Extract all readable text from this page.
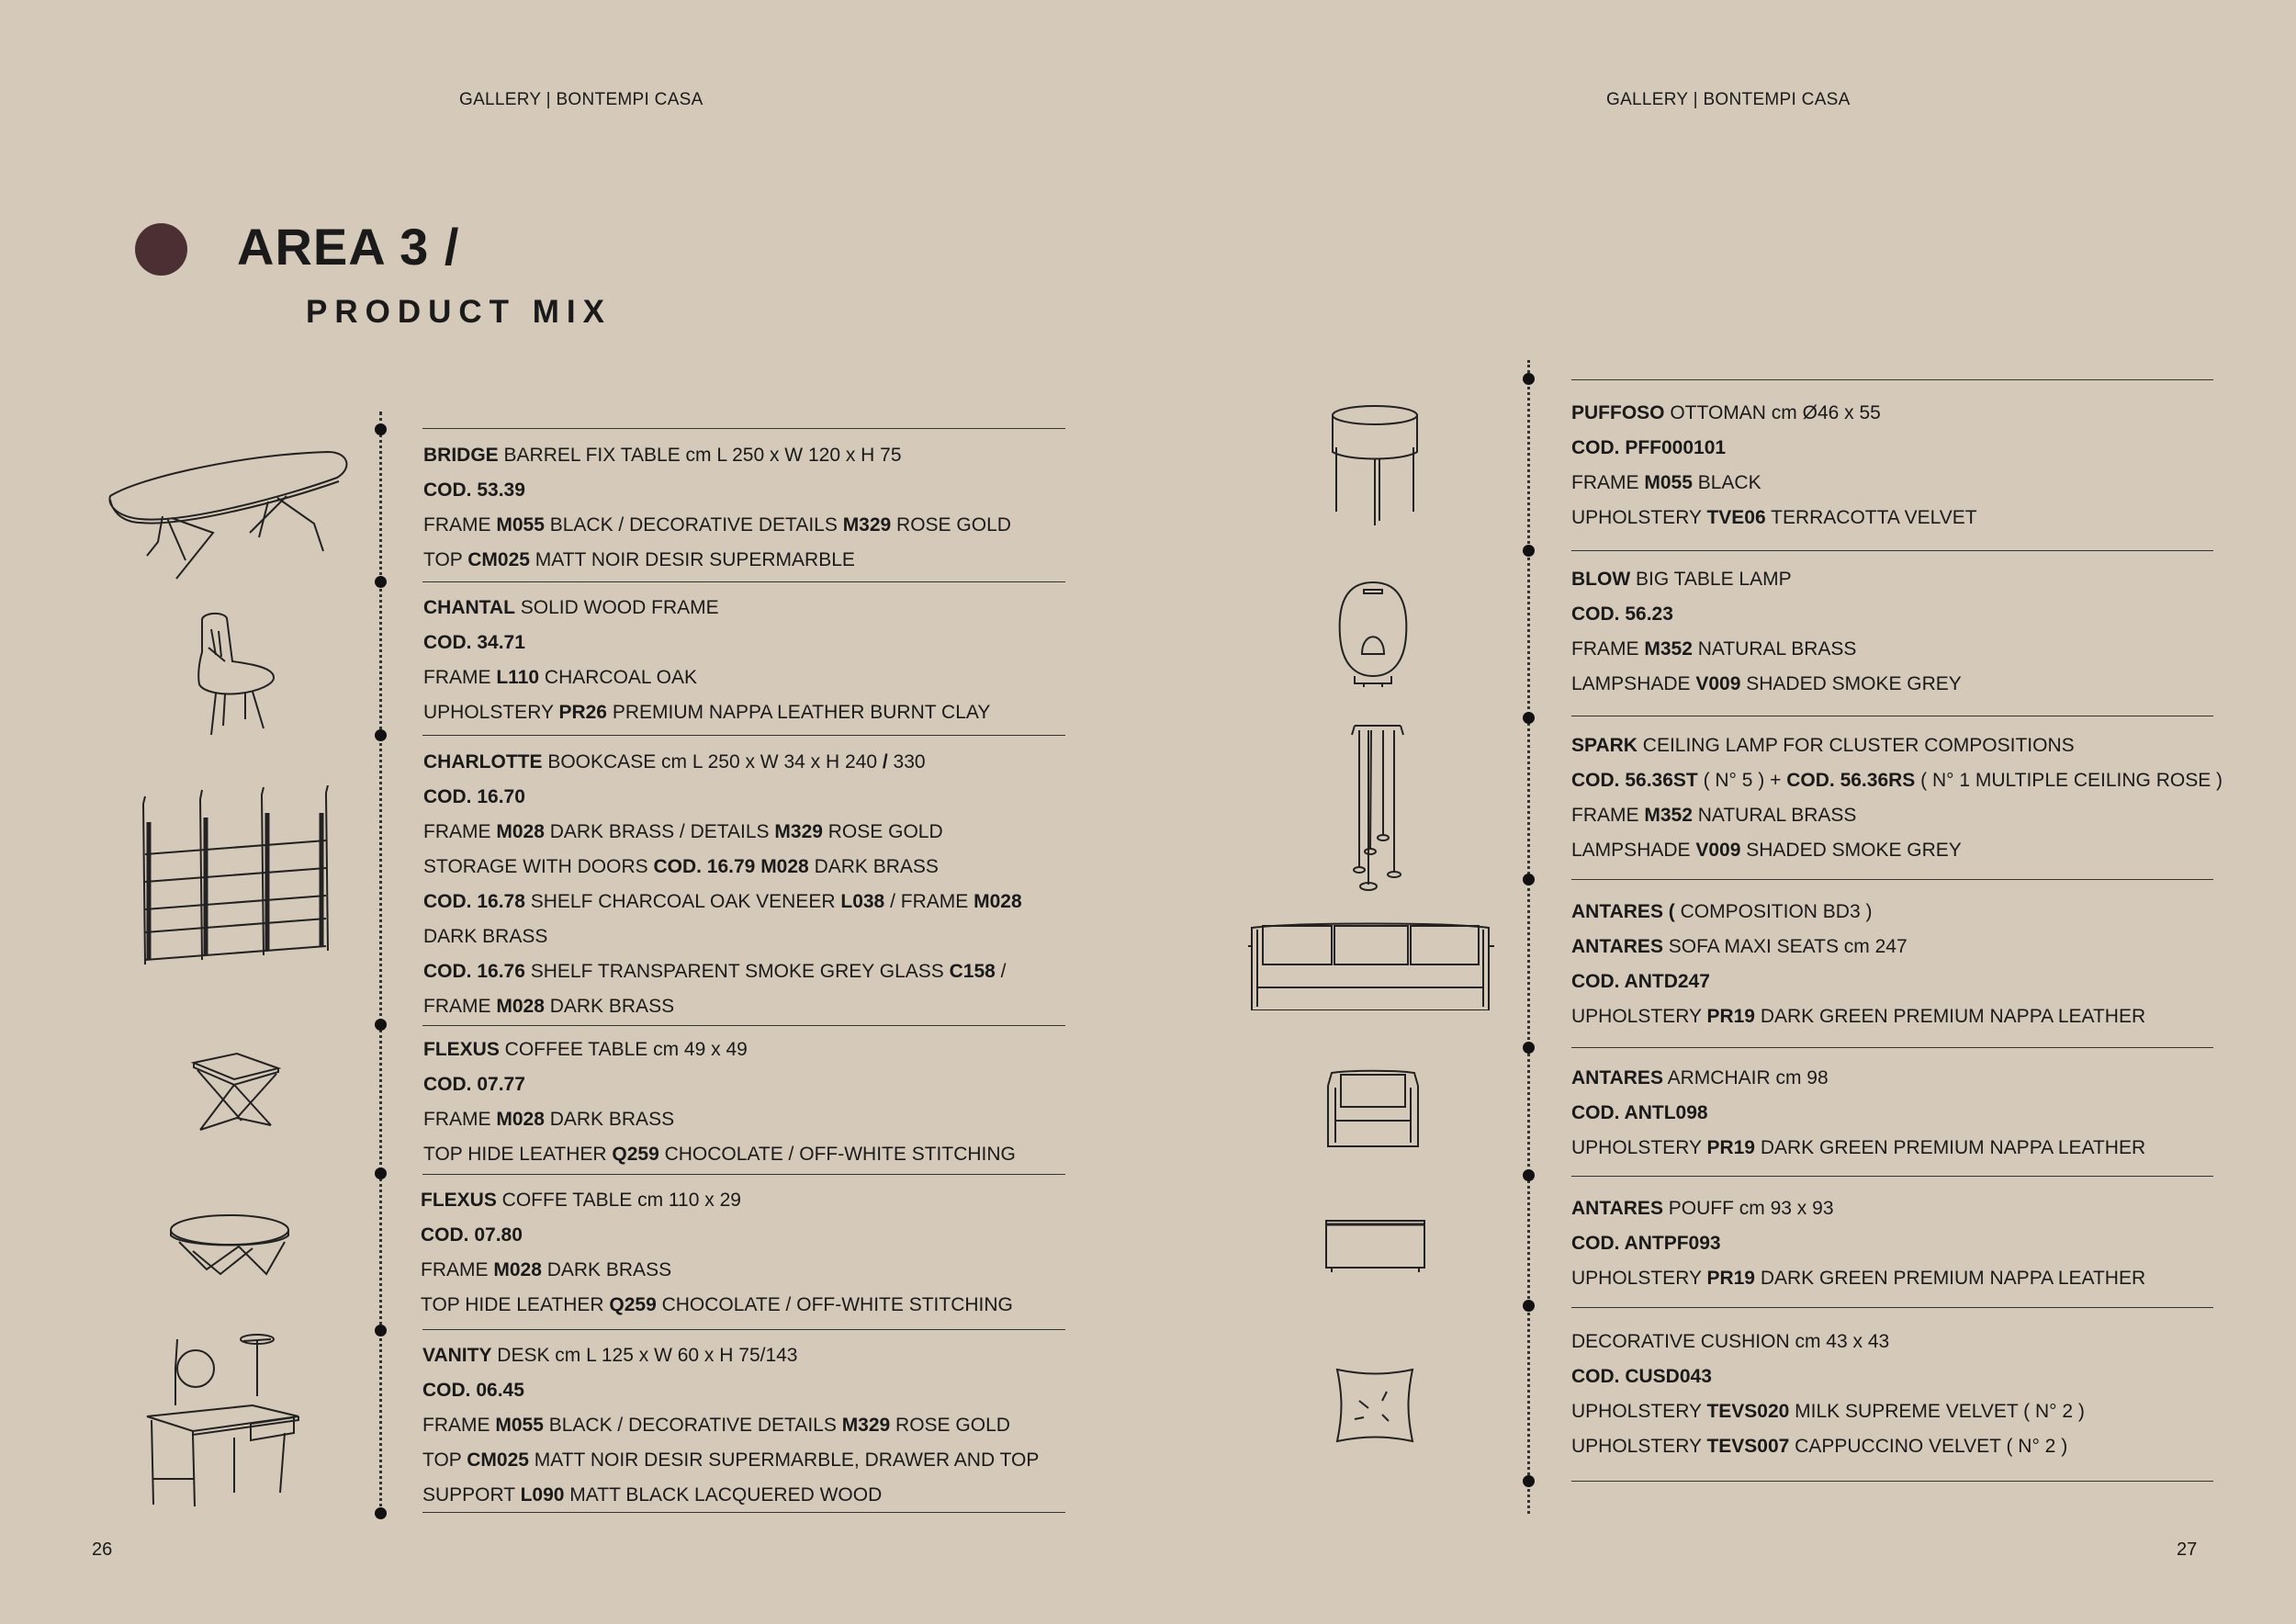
GALLERY | BONTEMPI CASA	GALLERY | BONTEMPI CASA
AREA 3 /
PRODUCT MIX
26	27
BRIDGE BARREL FIX TABLE cm L 250 x W 120 x H 75
COD. 53.39
FRAME M055 BLACK / DECORATIVE DETAILS M329 ROSE GOLD
TOP CM025 MATT NOIR DESIR SUPERMARBLE
CHANTAL SOLID WOOD FRAME
COD. 34.71
FRAME L110 CHARCOAL OAK
UPHOLSTERY PR26 PREMIUM NAPPA LEATHER BURNT CLAY
CHARLOTTE BOOKCASE cm L 250 x W 34 x H 240 / 330
COD. 16.70
FRAME M028 DARK BRASS / DETAILS M329 ROSE GOLD
STORAGE WITH DOORS COD. 16.79 M028 DARK BRASS
COD. 16.78 SHELF CHARCOAL OAK VENEER L038 / FRAME M028
DARK BRASS
COD. 16.76 SHELF TRANSPARENT SMOKE GREY GLASS C158 /
FRAME M028 DARK BRASS
FLEXUS COFFEE TABLE cm 49 x 49
COD. 07.77
FRAME M028 DARK BRASS
TOP HIDE LEATHER Q259 CHOCOLATE / OFF-WHITE STITCHING
FLEXUS COFFE TABLE cm 110 x 29
COD. 07.80
FRAME M028 DARK BRASS
TOP HIDE LEATHER Q259 CHOCOLATE / OFF-WHITE STITCHING
VANITY DESK cm L 125 x W 60 x H 75/143
COD. 06.45
FRAME M055 BLACK / DECORATIVE DETAILS M329 ROSE GOLD
TOP CM025 MATT NOIR DESIR SUPERMARBLE, DRAWER AND TOP
SUPPORT L090 MATT BLACK LACQUERED WOOD
PUFFOSO OTTOMAN cm Ø46 x 55
COD. PFF000101
FRAME M055 BLACK
UPHOLSTERY TVE06 TERRACOTTA VELVET
BLOW BIG TABLE LAMP
COD. 56.23
FRAME M352 NATURAL BRASS
LAMPSHADE V009 SHADED SMOKE GREY
SPARK CEILING LAMP FOR CLUSTER COMPOSITIONS
COD. 56.36ST ( N° 5 ) + COD. 56.36RS ( N° 1 MULTIPLE CEILING ROSE )
FRAME M352 NATURAL BRASS
LAMPSHADE V009 SHADED SMOKE GREY
ANTARES ( COMPOSITION BD3 )
ANTARES SOFA MAXI SEATS cm 247
COD. ANTD247
UPHOLSTERY PR19 DARK GREEN PREMIUM NAPPA LEATHER
ANTARES ARMCHAIR cm 98
COD. ANTL098
UPHOLSTERY PR19 DARK GREEN PREMIUM NAPPA LEATHER
ANTARES POUFF cm 93 x 93
COD. ANTPF093
UPHOLSTERY PR19 DARK GREEN PREMIUM NAPPA LEATHER
DECORATIVE CUSHION cm 43 x 43
COD. CUSD043
UPHOLSTERY TEVS020 MILK SUPREME VELVET ( N° 2 )
UPHOLSTERY TEVS007 CAPPUCCINO VELVET ( N° 2 )
